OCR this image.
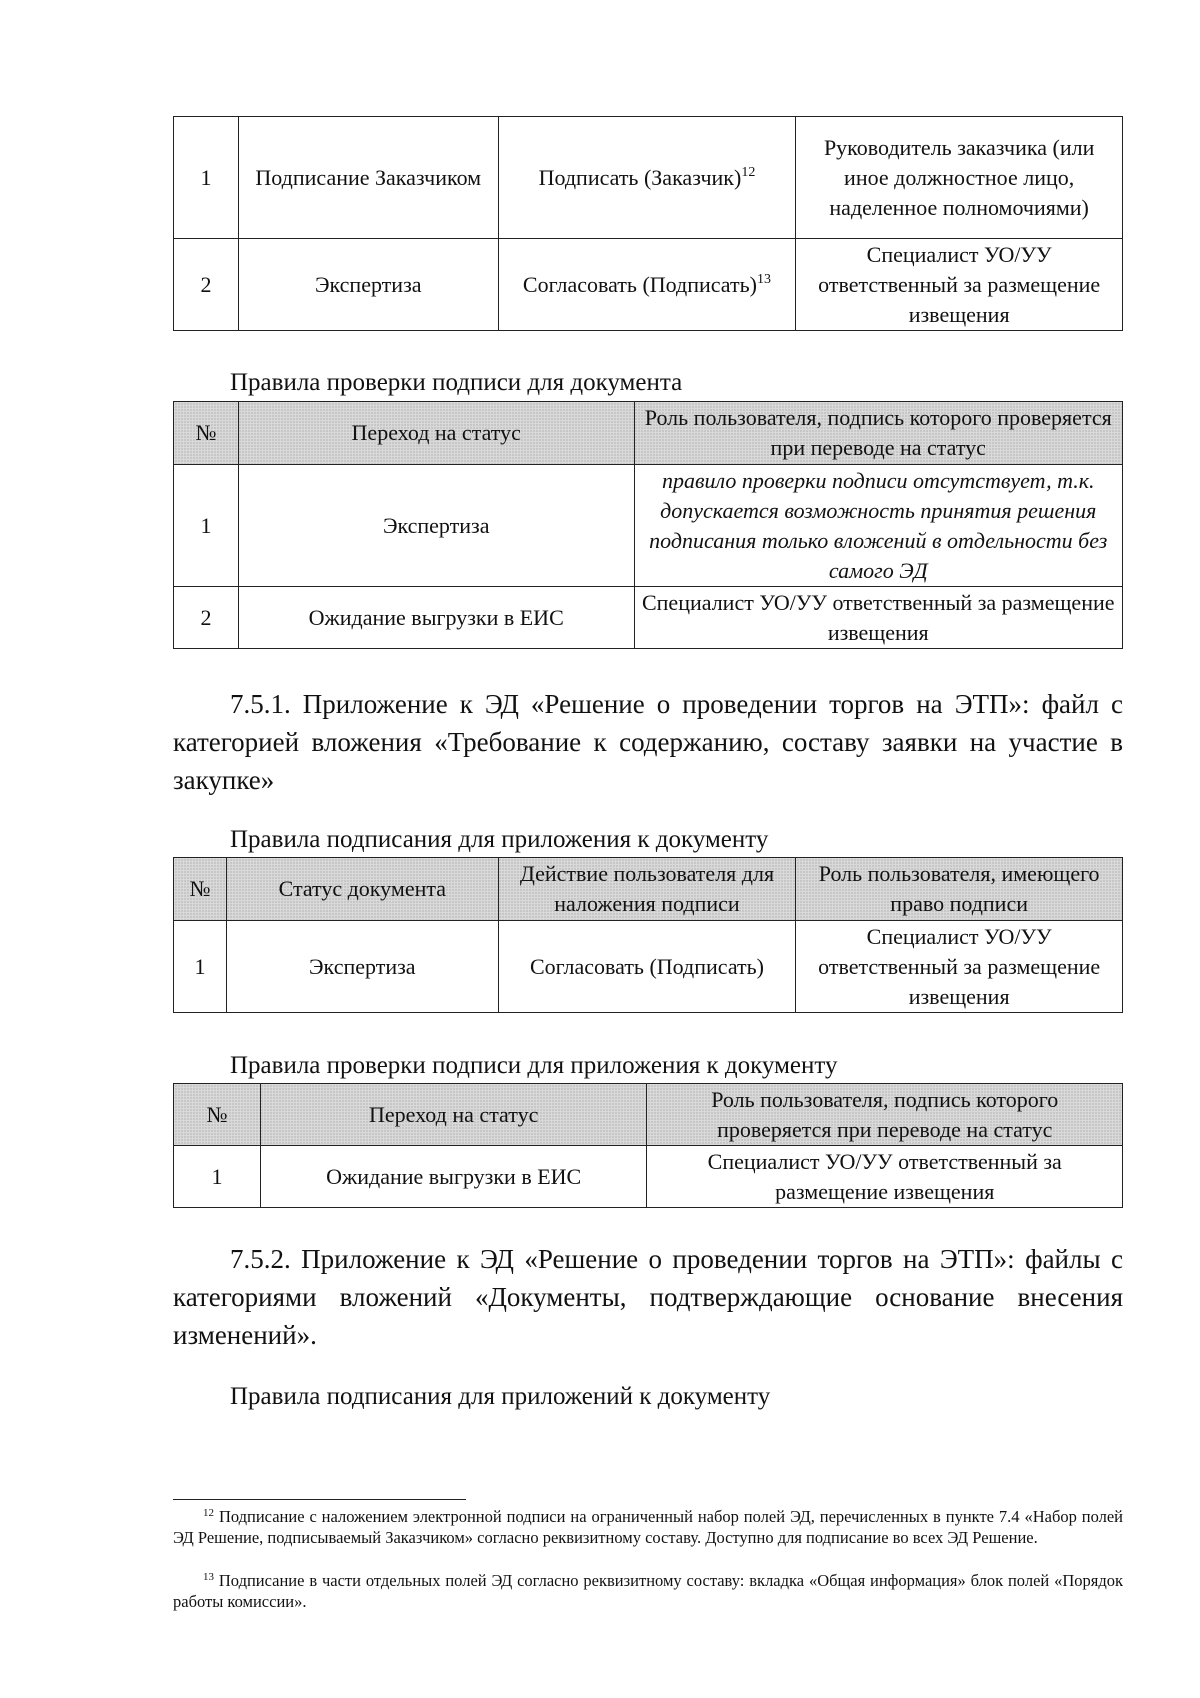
1	Подписание Заказчиком	Подписать (Заказчик)$^{12}$	Руководитель заказчика (или иное должностное лицо, наделенное полномочиями)
2	Экспертиза	Согласовать (Подписать)$^{13}$	Специалист УО/УУ ответственный за размещение извещения
Правила проверки подписи для документа
№	Переход на статус	Роль пользователя, подпись которого проверяется при переводе на статус
1	Экспертиза	правило проверки подписи отсутствует, т.к. допускается возможность принятия решения подписания только вложений в отдельности без самого ЭД
2	Ожидание выгрузки в ЕИС	Специалист УО/УУ ответственный за размещение извещения
7.5.1. Приложение к ЭД «Решение о проведении торгов на ЭТП»: файл с категорией вложения «Требование к содержанию, составу заявки на участие в закупке»
Правила подписания для приложения к документу
№	Статус документа	Действие пользователя для наложения подписи	Роль пользователя, имеющего право подписи
1	Экспертиза	Согласовать (Подписать)	Специалист УО/УУ ответственный за размещение извещения
Правила проверки подписи для приложения к документу
№	Переход на статус	Роль пользователя, подпись которого проверяется при переводе на статус
1	Ожидание выгрузки в ЕИС	Специалист УО/УУ ответственный за размещение извещения
7.5.2. Приложение к ЭД «Решение о проведении торгов на ЭТП»: файлы с категориями вложений «Документы, подтверждающие основание внесения изменений».
Правила подписания для приложений к документу
$^{12}$ Подписание с наложением электронной подписи на ограниченный набор полей ЭД, перечисленных в пункте 7.4 «Набор полей ЭД Решение, подписываемый Заказчиком» согласно реквизитному составу. Доступно для подписание во всех ЭД Решение.
$^{13}$ Подписание в части отдельных полей ЭД согласно реквизитному составу: вкладка «Общая информация» блок полей «Порядок работы комиссии».
